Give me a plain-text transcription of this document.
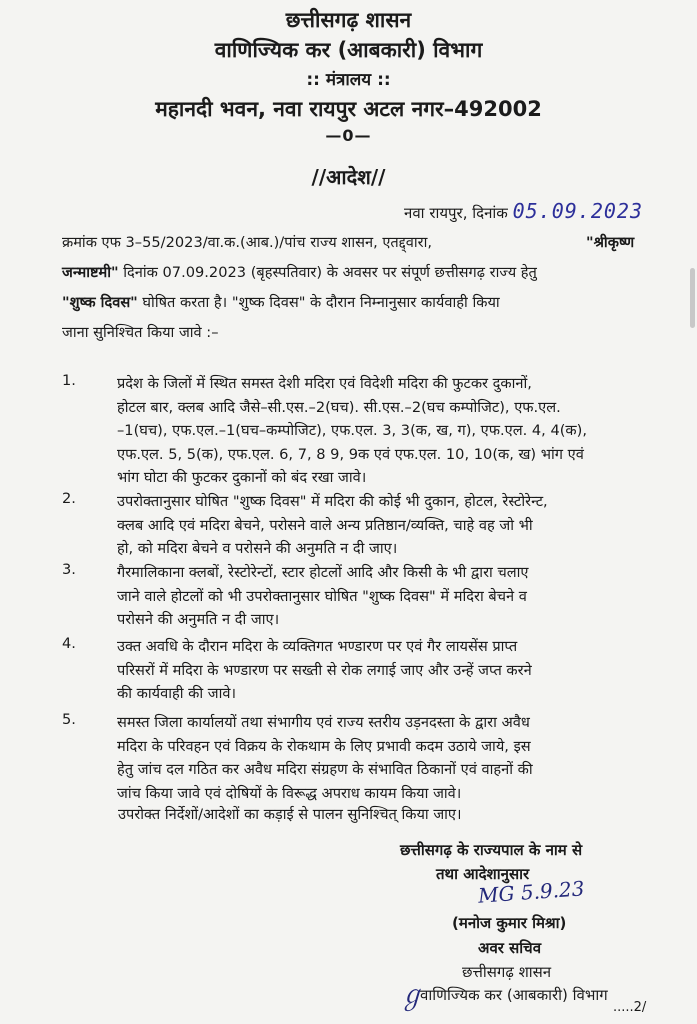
छत्तीसगढ़ शासन
वाणिज्यिक कर (आबकारी) विभाग
:: मंत्रालय ::
महानदी भवन, नवा रायपुर अटल नगर–492002
—0—
//आदेश//
नवा रायपुर, दिनांक 05.09.2023
क्रमांक एफ 3–55/2023/वा.क.(आब.)/पांच राज्य शासन, एतद्द्वारा,	"श्रीकृष्ण
जन्माष्टमी" दिनांक 07.09.2023 (बृहस्पतिवार) के अवसर पर संपूर्ण छत्तीसगढ़ राज्य हेतु
"शुष्क दिवस" घोषित करता है। "शुष्क दिवस" के दौरान निम्नानुसार कार्यवाही किया
जाना सुनिश्चित किया जावे :–
1.	प्रदेश के जिलों में स्थित समस्त देशी मदिरा एवं विदेशी मदिरा की फुटकर दुकानों,
होटल बार, क्लब आदि जैसे–सी.एस.–2(घच). सी.एस.–2(घच कम्पोजिट), एफ.एल.
–1(घच), एफ.एल.–1(घच–कम्पोजिट), एफ.एल. 3, 3(क, ख, ग), एफ.एल. 4, 4(क),
एफ.एल. 5, 5(क), एफ.एल. 6, 7, 8 9, 9क एवं एफ.एल. 10, 10(क, ख) भांग एवं
भांग घोटा की फुटकर दुकानों को बंद रखा जावे।
2.	उपरोक्तानुसार घोषित "शुष्क दिवस" में मदिरा की कोई भी दुकान, होटल, रेस्टोरेन्ट,
क्लब आदि एवं मदिरा बेचने, परोसने वाले अन्य प्रतिष्ठान/व्यक्ति, चाहे वह जो भी
हो, को मदिरा बेचने व परोसने की अनुमति न दी जाए।
3.	गैरमालिकाना क्लबों, रेस्टोरेन्टों, स्टार होटलों आदि और किसी के भी द्वारा चलाए
जाने वाले होटलों को भी उपरोक्तानुसार घोषित "शुष्क दिवस" में मदिरा बेचने व
परोसने की अनुमति न दी जाए।
4.	उक्त अवधि के दौरान मदिरा के व्यक्तिगत भण्डारण पर एवं गैर लायसेंस प्राप्त
परिसरों में मदिरा के भण्डारण पर सख्ती से रोक लगाई जाए और उन्हें जप्त करने
की कार्यवाही की जावे।
5.	समस्त जिला कार्यालयों तथा संभागीय एवं राज्य स्तरीय उड़नदस्ता के द्वारा अवैध
मदिरा के परिवहन एवं विक्रय के रोकथाम के लिए प्रभावी कदम उठाये जाये, इस
हेतु जांच दल गठित कर अवैध मदिरा संग्रहण के संभावित ठिकानों एवं वाहनों की
जांच किया जावे एवं दोषियों के विरूद्ध अपराध कायम किया जावे।
उपरोक्त निर्देशों/आदेशों का कड़ाई से पालन सुनिश्चित् किया जाए।
छत्तीसगढ़ के राज्यपाल के नाम से
तथा आदेशानुसार
MG 5.9.23
(मनोज कुमार मिश्रा)
अवर सचिव
छत्तीसगढ़ शासन
वाणिज्यिक कर (आबकारी) विभाग
ℊ	.....2/
